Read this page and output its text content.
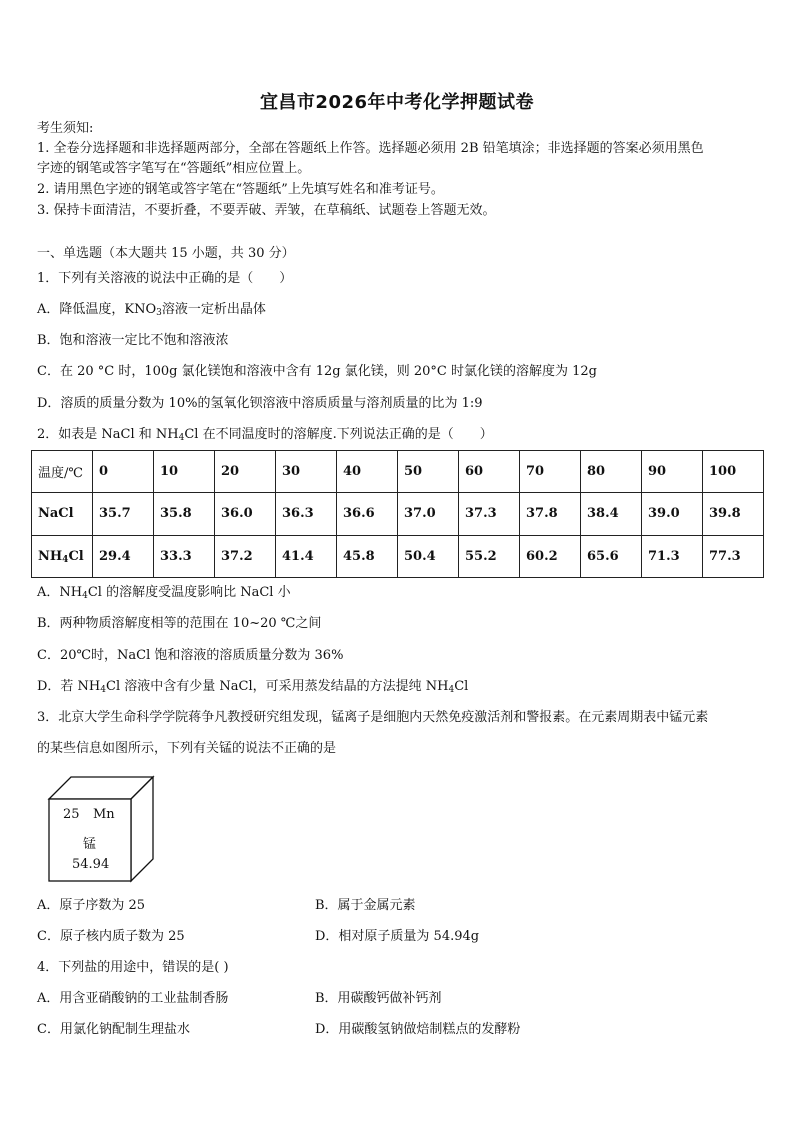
宜昌市2026年中考化学押题试卷
考生须知:
1. 全卷分选择题和非选择题两部分，全部在答题纸上作答。选择题必须用 2B 铅笔填涂；非选择题的答案必须用黑色
字迹的钢笔或答字笔写在“答题纸”相应位置上。
2. 请用黑色字迹的钢笔或答字笔在“答题纸”上先填写姓名和准考证号。
3. 保持卡面清洁，不要折叠，不要弄破、弄皱，在草稿纸、试题卷上答题无效。
一、单选题（本大题共 15 小题，共 30 分）
1．下列有关溶液的说法中正确的是（　　）
A．降低温度，$KNO_3$溶液一定析出晶体
B．饱和溶液一定比不饱和溶液浓
C．在 20 °C 时，100g 氯化镁饱和溶液中含有 12g 氯化镁，则 20°C 时氯化镁的溶解度为 12g
D．溶质的质量分数为 10%的氢氧化钡溶液中溶质质量与溶剂质量的比为 1:9
2．如表是 NaCl 和 $NH_4Cl$ 在不同温度时的溶解度.下列说法正确的是（　　）
温度/℃	0	10	20	30	40	50	60	70	80	90	100
NaCl	35.7	35.8	36.0	36.3	36.6	37.0	37.3	37.8	38.4	39.0	39.8
$NH_4Cl$	29.4	33.3	37.2	41.4	45.8	50.4	55.2	60.2	65.6	71.3	77.3
A．$NH_4Cl$ 的溶解度受温度影响比 NaCl 小
B．两种物质溶解度相等的范围在 10~20 ℃之间
C．20℃时，NaCl 饱和溶液的溶质质量分数为 36%
D．若 $NH_4Cl$ 溶液中含有少量 NaCl，可采用蒸发结晶的方法提纯 $NH_4Cl$
3．北京大学生命科学学院蒋争凡教授研究组发现，锰离子是细胞内天然免疫激活剂和警报素。在元素周期表中锰元素
的某些信息如图所示，下列有关锰的说法不正确的是
25 Mn
锰
54.94
A．原子序数为 25	B．属于金属元素
C．原子核内质子数为 25	D．相对原子质量为 54.94g
4．下列盐的用途中，错误的是( )
A．用含亚硝酸钠的工业盐制香肠	B．用碳酸钙做补钙剂
C．用氯化钠配制生理盐水	D．用碳酸氢钠做焙制糕点的发酵粉
